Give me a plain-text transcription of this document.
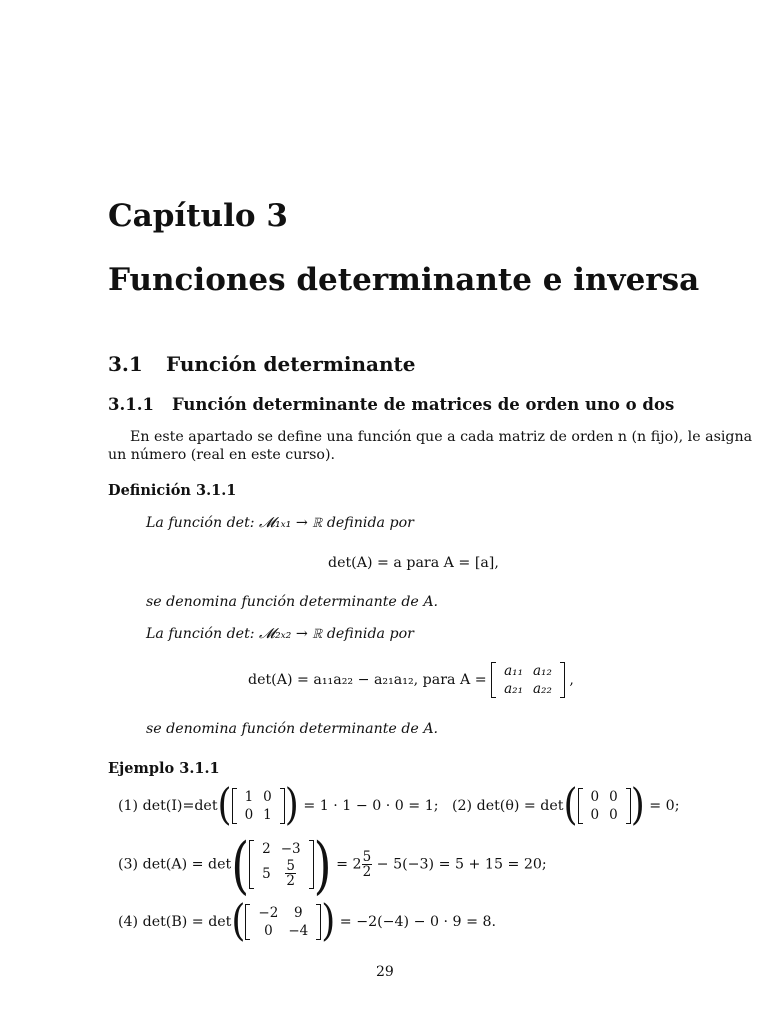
Capítulo 3
Funciones determinante e inversa
3.1 Función determinante
3.1.1 Función determinante de matrices de orden uno o dos
En este apartado se define una función que a cada matriz de orden n (n fijo), le asigna
un número (real en este curso).
Definición 3.1.1
La función det: 𝓜₁ₓ₁ → ℝ definida por
det(A) = a para A = [a],
se denomina función determinante de A.
La función det: 𝓜₂ₓ₂ → ℝ definida por
det(A) = a₁₁a₂₂ − a₂₁a₁₂, para A =
a₁₁	a₁₂
a₂₁	a₂₂
,
se denomina función determinante de A.
Ejemplo 3.1.1
(1) det(I)=det( 1	0
0	1 ) = 1 · 1 − 0 · 0 = 1; (2) det(θ) = det( 0	0
0	0 ) = 0;
(3) det(A) = det( 2	−3
5	$\frac{5}{2}$ ) = $2 \frac{5}{2} - 5(-3) = 5 + 15 = 20$;
(4) det(B) = det( −2	9
0	−4 ) = −2(−4) − 0 · 9 = 8.
29
